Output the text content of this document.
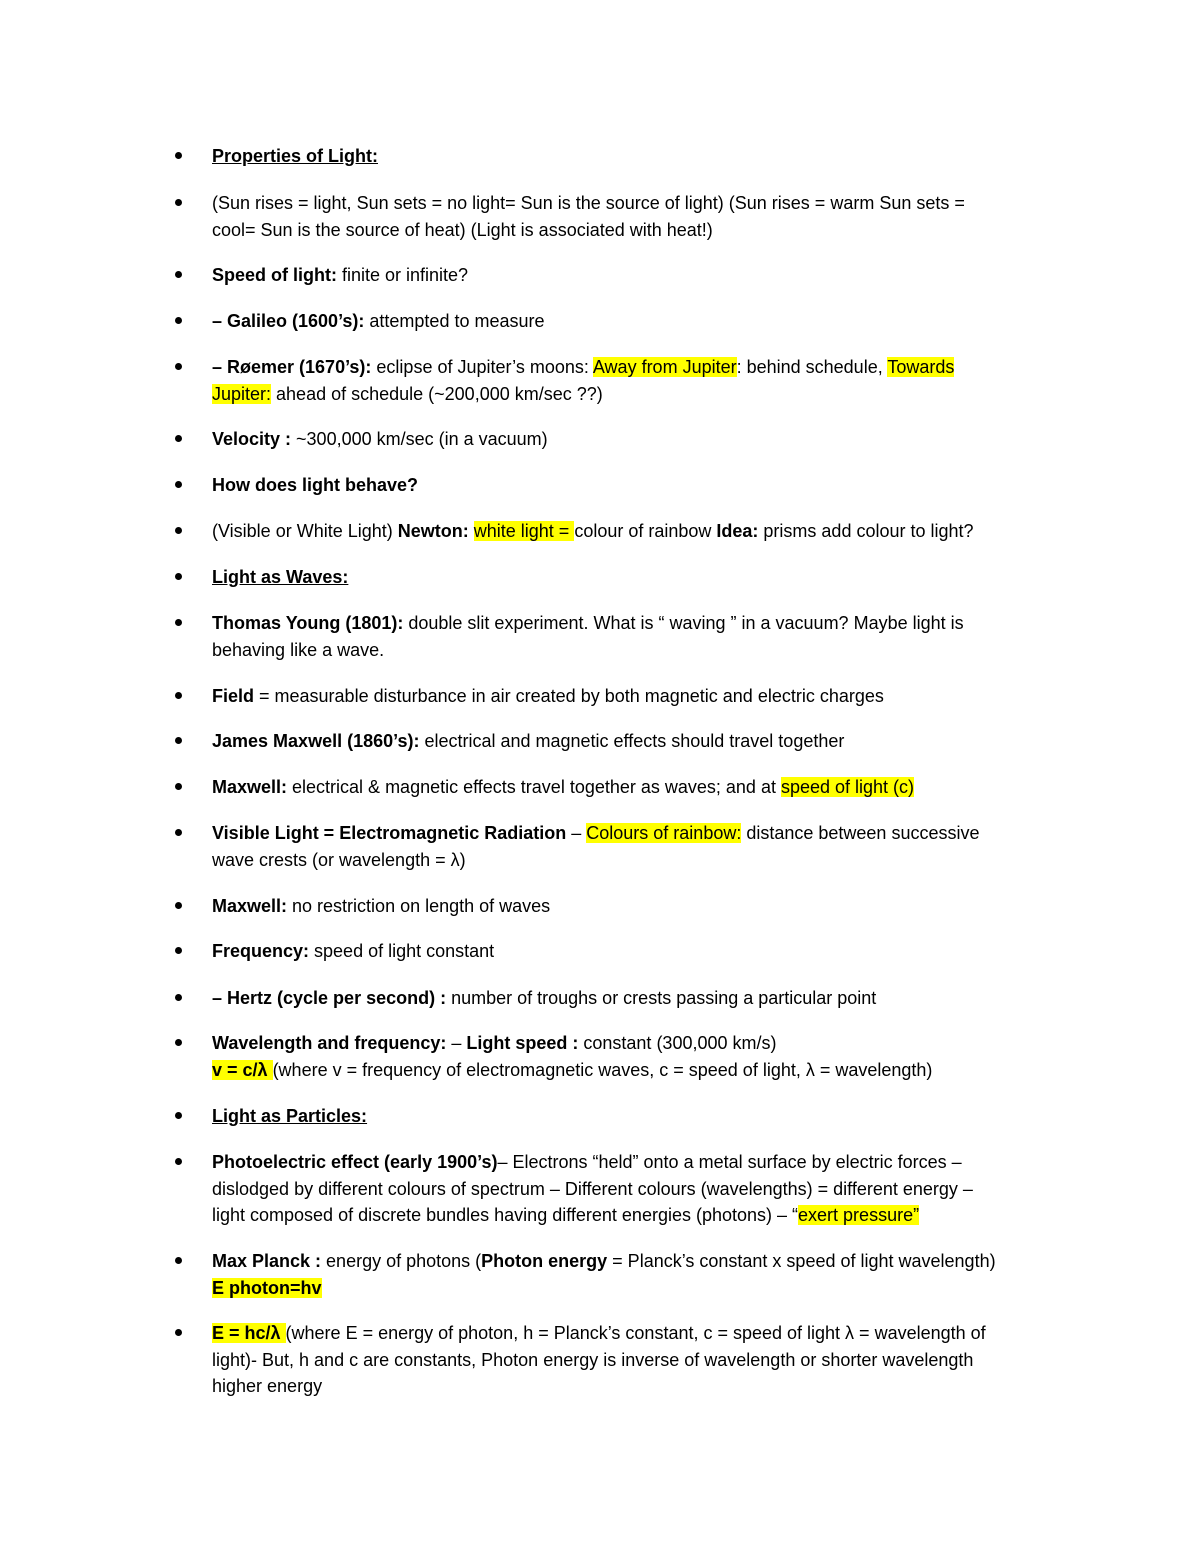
Properties of Light:
(Sun rises = light, Sun sets = no light= Sun is the source of light) (Sun rises = warm Sun sets =
cool= Sun is the source of heat) (Light is associated with heat!)
Speed of light: finite or infinite?
– Galileo (1600’s): attempted to measure
– Røemer (1670’s): eclipse of Jupiter’s moons: Away from Jupiter: behind schedule, Towards
Jupiter: ahead of schedule (~200,000 km/sec ??)
Velocity : ~300,000 km/sec (in a vacuum)
How does light behave?
(Visible or White Light) Newton: white light = colour of rainbow Idea: prisms add colour to light?
Light as Waves:
Thomas Young (1801): double slit experiment. What is “ waving ” in a vacuum? Maybe light is
behaving like a wave.
Field = measurable disturbance in air created by both magnetic and electric charges
James Maxwell (1860’s): electrical and magnetic effects should travel together
Maxwell: electrical & magnetic effects travel together as waves; and at speed of light (c)
Visible Light = Electromagnetic Radiation – Colours of rainbow: distance between successive
wave crests (or wavelength = λ)
Maxwell: no restriction on length of waves
Frequency: speed of light constant
– Hertz (cycle per second) : number of troughs or crests passing a particular point
Wavelength and frequency: – Light speed : constant (300,000 km/s)
v = c/λ (where v = frequency of electromagnetic waves, c = speed of light, λ = wavelength)
Light as Particles:
Photoelectric effect (early 1900’s)– Electrons “held” onto a metal surface by electric forces –
dislodged by different colours of spectrum – Different colours (wavelengths) = different energy –
light composed of discrete bundles having different energies (photons) – “exert pressure”
Max Planck : energy of photons (Photon energy = Planck’s constant x speed of light wavelength)
E photon=hv
E = hc/λ (where E = energy of photon, h = Planck’s constant, c = speed of light λ = wavelength of
light)- But, h and c are constants, Photon energy is inverse of wavelength or shorter wavelength
higher energy
